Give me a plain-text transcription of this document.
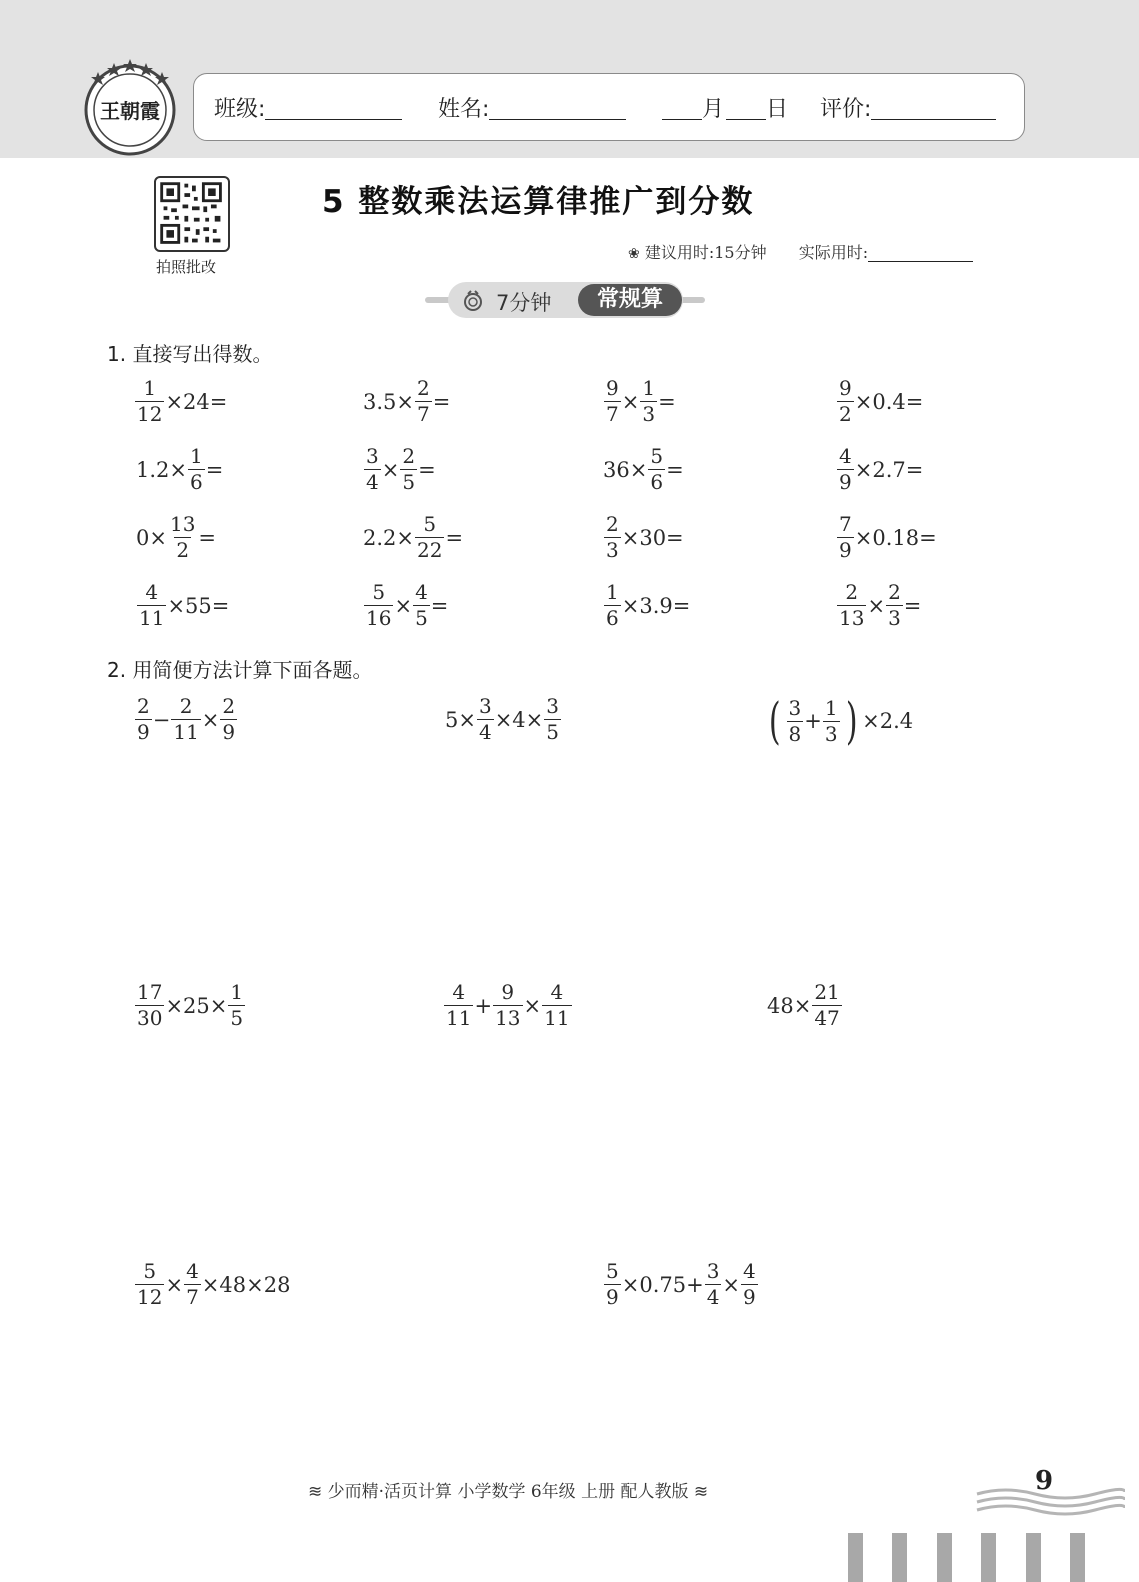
王朝霞 班级:	姓名:	月 日 评价:
拍照批改
5 整数乘法运算律推广到分数
❀ 建议用时:15分钟 实际用时:
7分钟	常规算
1. 直接写出得数。
$\frac{1}{12} \times 24=$	$3.5\times \frac{2}{7}$ =	$\frac{9}{7} \times \frac{1}{3}$ =	$\frac{9}{2} \times 0.4=$
$1.2\times \frac{1}{6}$ =	$\frac{3}{4} \times \frac{2}{5}$ =	$36\times \frac{5}{6}$ =	$\frac{4}{9} \times 2.7=$
$0\times \frac{13}{2}$ =	$2.2\times \frac{5}{22}$ =	$\frac{2}{3} \times 30=$	$\frac{7}{9} \times 0.18=$
$\frac{4}{11} \times 55=$	$\frac{5}{16} \times \frac{4}{5}$ =	$\frac{1}{6} \times 3.9=$	$\frac{2}{13} \times \frac{2}{3}$ =
2. 用简便方法计算下面各题。
$\frac{2}{9} - \frac{2}{11} \times \frac{2}{9}$	$5\times \frac{3}{4} \times 4\times \frac{3}{5}$	( $\frac{3}{8} + \frac{1}{3}$ ) ×2.4
$\frac{17}{30} \times 25\times \frac{1}{5}$	$\frac{4}{11} + \frac{9}{13} \times \frac{4}{11}$	$48\times \frac{21}{47}$
$\frac{5}{12} \times \frac{4}{7} \times 48\times 28$	$\frac{5}{9} \times 0.75+ \frac{3}{4} \times \frac{4}{9}$
≋ 少而精·活页计算 小学数学 6年级 上册 配人教版 ≋	9
